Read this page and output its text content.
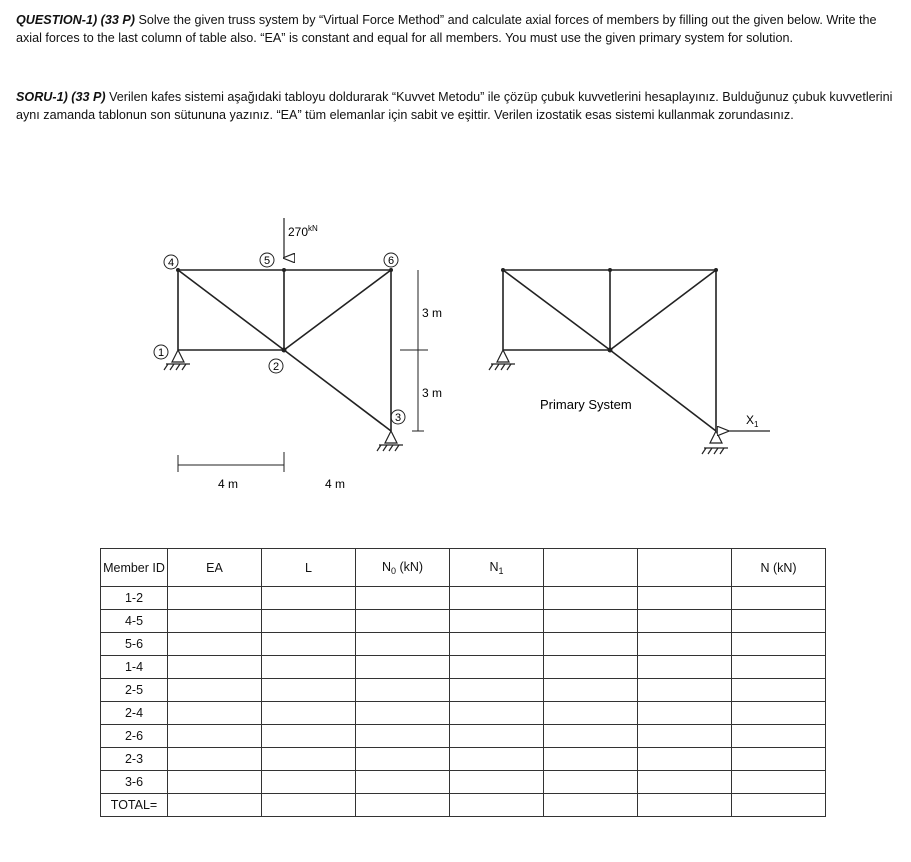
QUESTION-1) (33 P) Solve the given truss system by “Virtual Force Method” and calculate axial forces of members by filling out the given below. Write the axial forces to the last column of table also. “EA” is constant and equal for all members. You must use the given primary system for solution.
SORU-1) (33 P) Verilen kafes sistemi aşağıdaki tabloyu doldurarak “Kuvvet Metodu” ile çözüp çubuk kuvvetlerini hesaplayınız. Bulduğunuz çubuk kuvvetlerini aynı zamanda tablonun son sütununa yazınız. “EA” tüm elemanlar için sabit ve eşittir. Verilen izostatik esas sistemi kullanmak zorundasınız.
1
2
3
4	5	6
$270^{kN}$
3 m
3 m
4 m	4 m
$X_1$
Primary System
Member ID	EA	L	$N_0$ (kN)	$N_1$			N (kN)
1-2							
4-5							
5-6							
1-4							
2-5							
2-4							
2-6							
2-3							
3-6							
TOTAL=							
